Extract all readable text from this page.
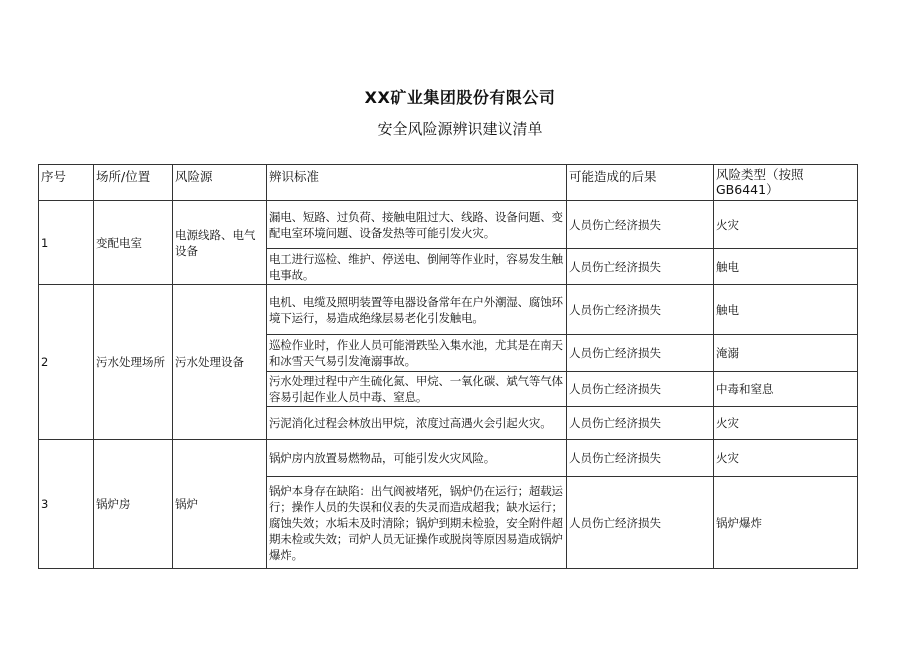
XX矿业集团股份有限公司
安全风险源辨识建议清单
序号	场所/位置	风险源	辨识标准	可能造成的后果	风险类型（按照GB6441）
1	变配电室	电源线路、电气设备	漏电、短路、过负荷、接触电阻过大、线路、设备问题、变配电室环境问题、设备发热等可能引发火灾。	人员伤亡经济损失	火灾
			电工进行巡检、维护、停送电、倒闸等作业时，容易发生触电事故。	人员伤亡经济损失	触电
2	污水处理场所	污水处理设备	电机、电缆及照明装置等电器设备常年在户外潮湿、腐蚀环境下运行，易造成绝缘层易老化引发触电。	人员伤亡经济损失	触电
			巡检作业时，作业人员可能滑跌坠入集水池，尤其是在南天和冰雪天气易引发淹溺事故。	人员伤亡经济损失	淹溺
			污水处理过程中产生硫化氮、甲烷、一氧化碳、斌气等气体容易引起作业人员中毒、窒息。	人员伤亡经济损失	中毒和窒息
			污泥消化过程会林放出甲烷，浓度过高遇火会引起火灾。	人员伤亡经济损失	火灾
3	锅炉房	锅炉	锅炉房内放置易燃物品，可能引发火灾风险。	人员伤亡经济损失	火灾
			锅炉本身存在缺陷：出气阀被堵死，锅炉仍在运行；超载运行；操作人员的失误和仪表的失灵而造成超我；缺水运行；腐蚀失效；水垢未及时清除；锅炉到期未检验，安全附件超期未检或失效；司炉人员无证操作或脱岗等原因易造成锅炉爆炸。	人员伤亡经济损失	锅炉爆炸
